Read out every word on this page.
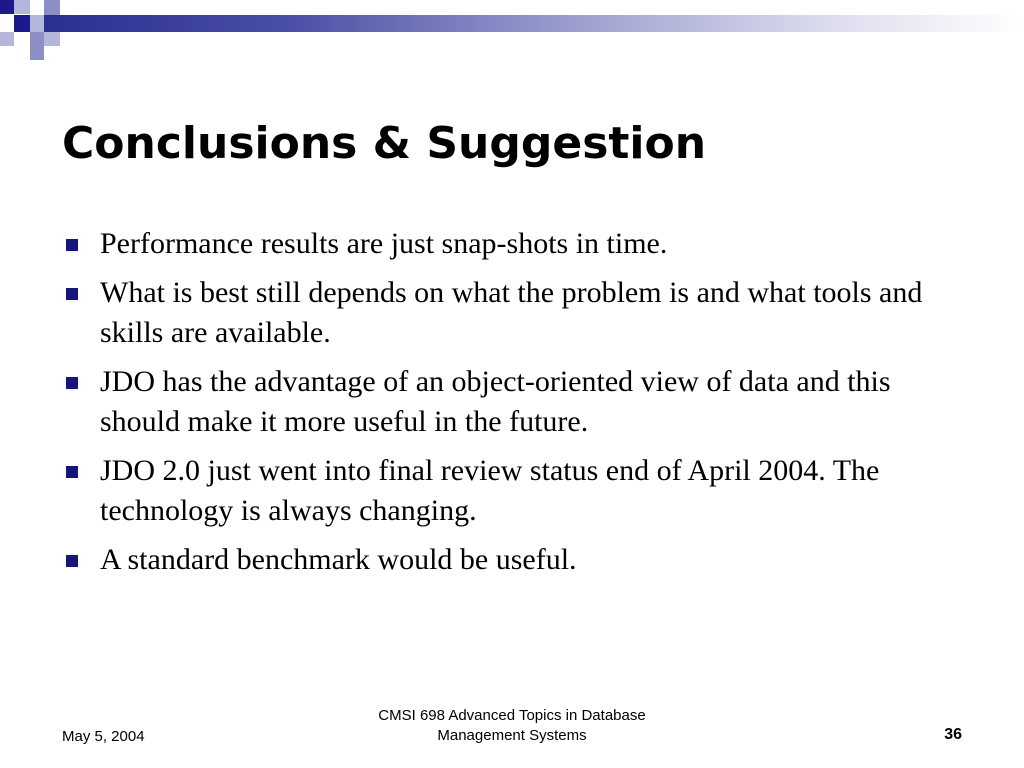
Conclusions & Suggestion
Performance results are just snap-shots in time.
What is best still depends on what the problem is and what tools and skills are available.
JDO has the advantage of an object-oriented view of data and this should make it more useful in the future.
JDO 2.0 just went into final review status end of April 2004. The technology is always changing.
A standard benchmark would be useful.
May 5, 2004
CMSI 698 Advanced Topics in Database
Management Systems	36
